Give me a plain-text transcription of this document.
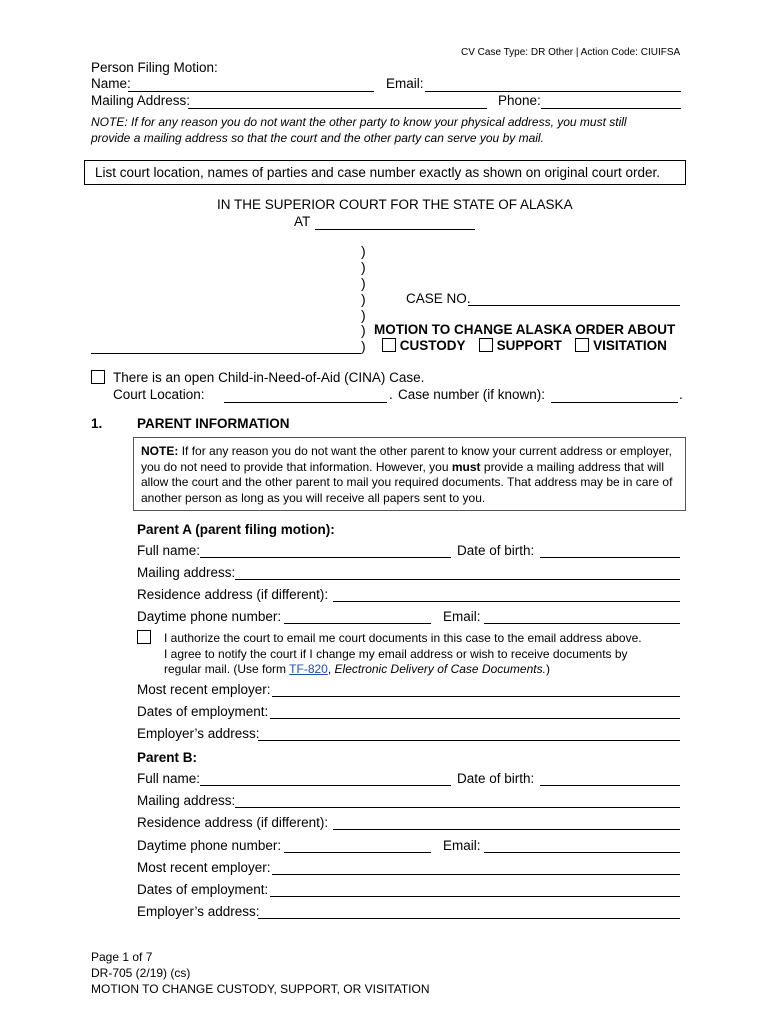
CV Case Type: DR Other | Action Code: CIUIFSA
Person Filing Motion:
Name:	Email:
Mailing Address:	Phone:
NOTE: If for any reason you do not want the other party to know your physical address, you must still
provide a mailing address so that the court and the other party can serve you by mail.
List court location, names of parties and case number exactly as shown on original court order.
IN THE SUPERIOR COURT FOR THE STATE OF ALASKA
AT
)
)
)
)
)
)
)
CASE NO.
MOTION TO CHANGE ALASKA ORDER ABOUT
CUSTODY SUPPORT VISITATION
There is an open Child-in-Need-of-Aid (CINA) Case.
Court Location:	. Case number (if known):	.
1.	PARENT INFORMATION
NOTE: If for any reason you do not want the other parent to know your current address or employer, you do not need to provide that information. However, you must provide a mailing address that will allow the court and the other parent to mail you required documents. That address may be in care of another person as long as you will receive all papers sent to you.
Parent A (parent filing motion):
Full name:	Date of birth:
Mailing address:
Residence address (if different):
Daytime phone number:	Email:
I authorize the court to email me court documents in this case to the email address above.
I agree to notify the court if I change my email address or wish to receive documents by
regular mail. (Use form TF-820, Electronic Delivery of Case Documents.)
Most recent employer:
Dates of employment:
Employer’s address:
Parent B:
Full name:	Date of birth:
Mailing address:
Residence address (if different):
Daytime phone number:	Email:
Most recent employer:
Dates of employment:
Employer’s address:
Page 1 of 7
DR-705 (2/19) (cs)
MOTION TO CHANGE CUSTODY, SUPPORT, OR VISITATION
